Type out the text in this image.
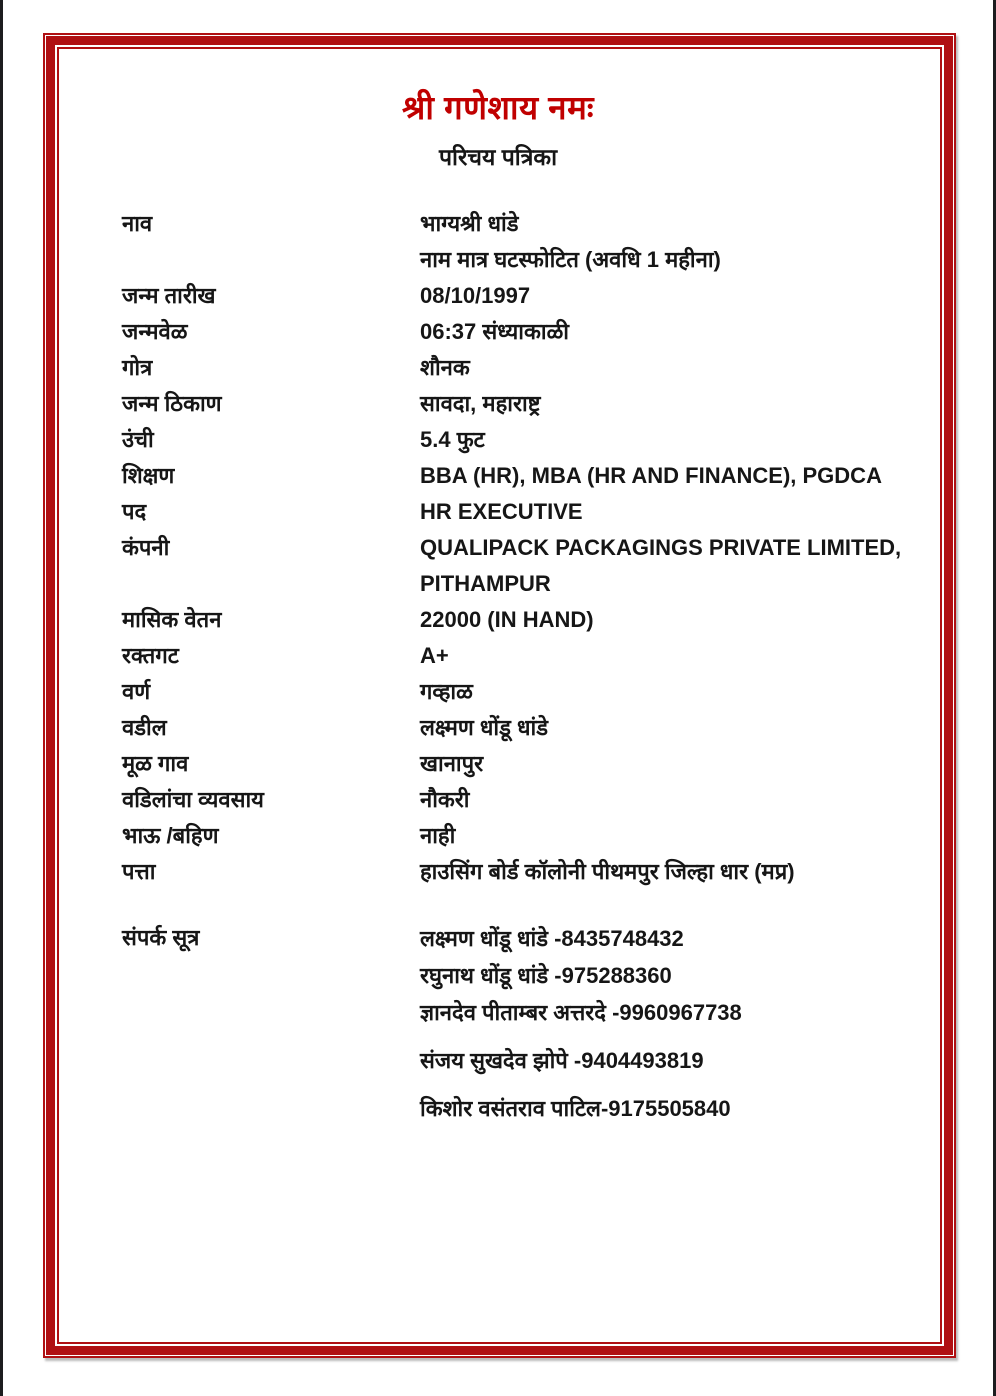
श्री गणेशाय नमः
परिचय पत्रिका
नाव	भाग्यश्री धांडे
नाम मात्र घटस्फोटित (अवधि 1 महीना)
जन्म तारीख	08/10/1997
जन्मवेळ	06:37 संध्याकाळी
गोत्र	शौनक
जन्म ठिकाण	सावदा, महाराष्ट्र
उंची	5.4 फुट
शिक्षण	BBA (HR), MBA (HR AND FINANCE), PGDCA
पद	HR EXECUTIVE
कंपनी	QUALIPACK PACKAGINGS PRIVATE LIMITED,
PITHAMPUR
मासिक वेतन	22000 (IN HAND)
रक्तगट	A+
वर्ण	गव्हाळ
वडील	लक्ष्मण धोंडू धांडे
मूळ गाव	खानापुर
वडिलांचा व्यवसाय	नौकरी
भाऊ /बहिण	नाही
पत्ता	हाउसिंग बोर्ड कॉलोनी पीथमपुर जिल्हा धार (मप्र)
संपर्क सूत्र	लक्ष्मण धोंडू धांडे -8435748432
रघुनाथ धोंडू धांडे -975288360
ज्ञानदेव पीताम्बर अत्तरदे -9960967738
संजय सुखदेव झोपे -9404493819
किशोर वसंतराव पाटिल-9175505840
